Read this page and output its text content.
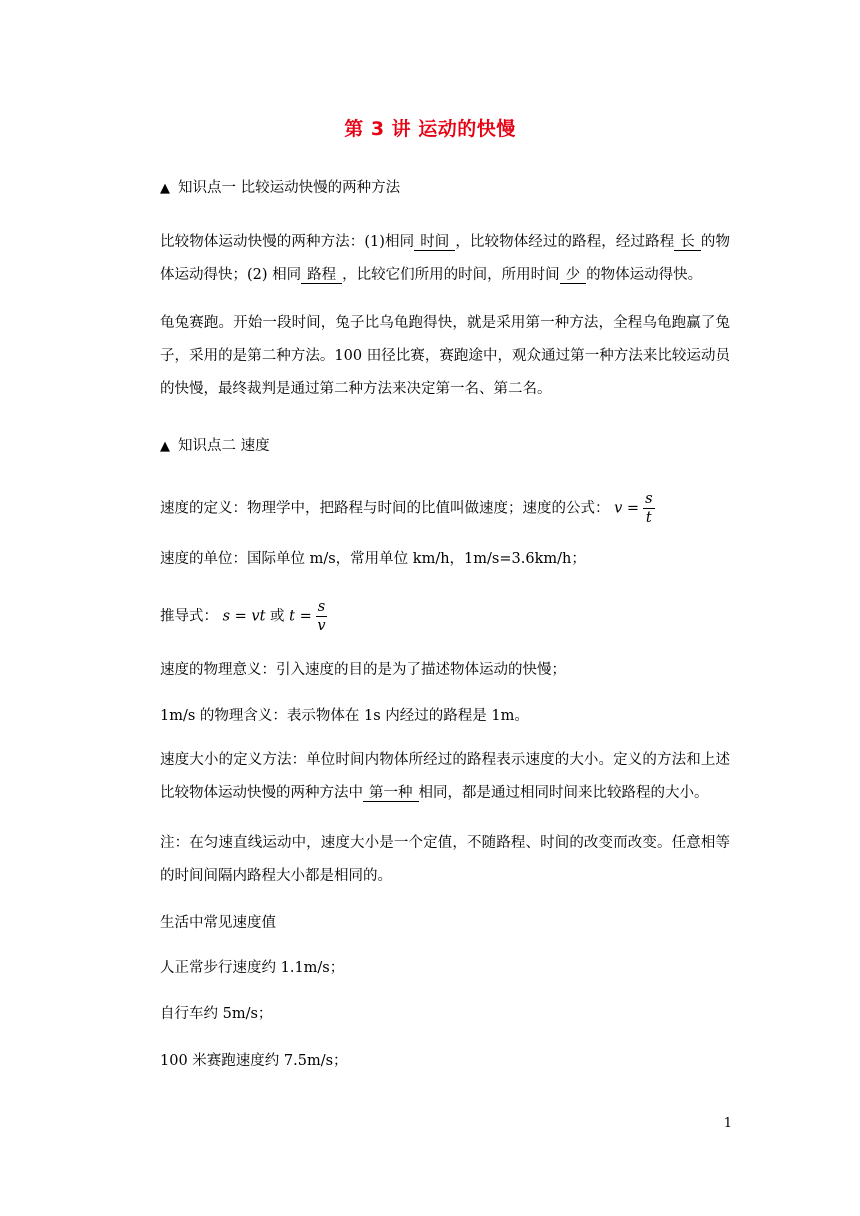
第 3 讲 运动的快慢
▲ 知识点一 比较运动快慢的两种方法
比较物体运动快慢的两种方法：(1)相同 时间 ，比较物体经过的路程，经过路程 长 的物体运动得快；(2) 相同 路程 ，比较它们所用的时间，所用时间 少 的物体运动得快。
龟兔赛跑。开始一段时间，兔子比乌龟跑得快，就是采用第一种方法，全程乌龟跑赢了兔子，采用的是第二种方法。100 田径比赛，赛跑途中，观众通过第一种方法来比较运动员的快慢，最终裁判是通过第二种方法来决定第一名、第二名。
▲ 知识点二 速度
速度的定义：物理学中，把路程与时间的比值叫做速度；速度的公式： $v = \frac{s}{t}$
速度的单位：国际单位 m/s，常用单位 km/h，1m/s=3.6km/h；
推导式： s = vt 或 $t = \frac{s}{v}$
速度的物理意义：引入速度的目的是为了描述物体运动的快慢；
1m/s 的物理含义：表示物体在 1s 内经过的路程是 1m。
速度大小的定义方法：单位时间内物体所经过的路程表示速度的大小。定义的方法和上述比较物体运动快慢的两种方法中 第一种 相同，都是通过相同时间来比较路程的大小。
注：在匀速直线运动中，速度大小是一个定值，不随路程、时间的改变而改变。任意相等的时间间隔内路程大小都是相同的。
生活中常见速度值
人正常步行速度约 1.1m/s；
自行车约 5m/s；
100 米赛跑速度约 7.5m/s；
1
